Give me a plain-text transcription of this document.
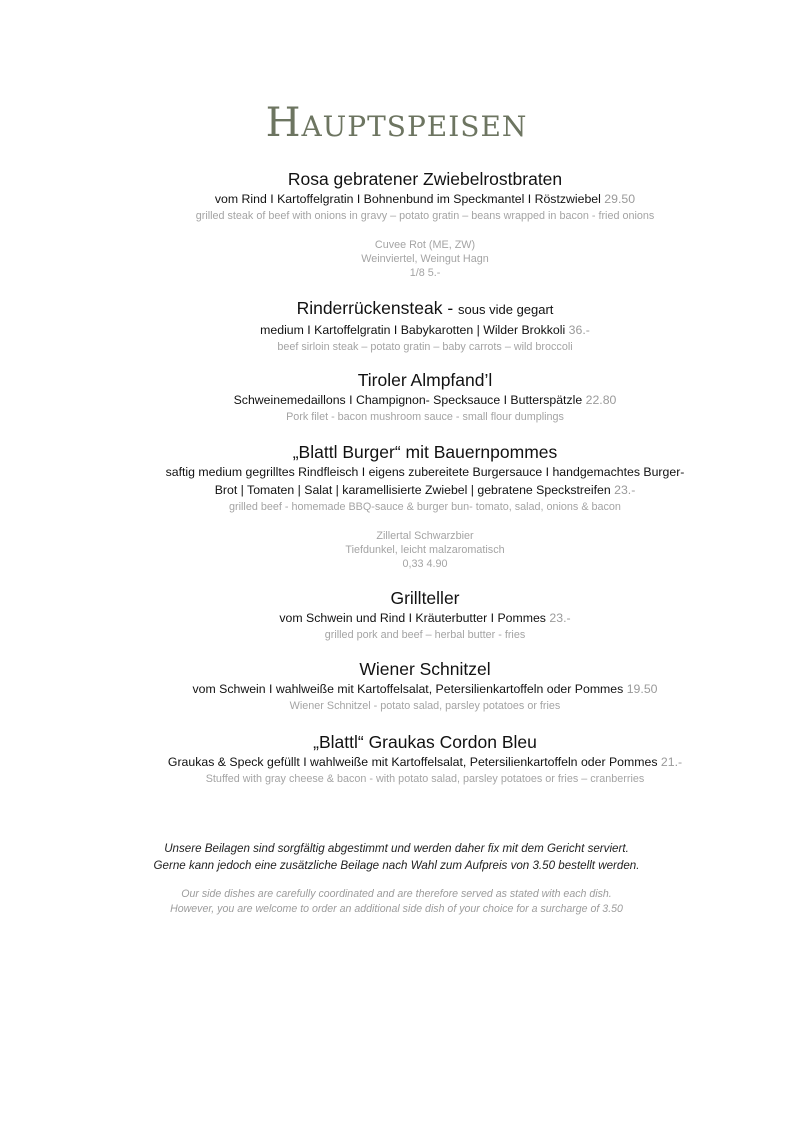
Hauptspeisen
Rosa gebratener Zwiebelrostbraten
vom Rind I Kartoffelgratin I Bohnenbund im Speckmantel I Röstzwiebel 29.50
grilled steak of beef with onions in gravy – potato gratin – beans wrapped in bacon - fried onions
Cuvee Rot (ME, ZW)
Weinviertel, Weingut Hagn
1/8 5.-
Rinderrückensteak - sous vide gegart
medium I Kartoffelgratin I Babykarotten | Wilder Brokkoli 36.-
beef sirloin steak – potato gratin – baby carrots – wild broccoli
Tiroler Almpfand’l
Schweinemedaillons I Champignon- Specksauce I Butterspätzle 22.80
Pork filet - bacon mushroom sauce - small flour dumplings
„Blattl Burger“ mit Bauernpommes
saftig medium gegrilltes Rindfleisch I eigens zubereitete Burgersauce I handgemachtes Burger-
Brot | Tomaten | Salat | karamellisierte Zwiebel | gebratene Speckstreifen 23.-
grilled beef - homemade BBQ-sauce & burger bun- tomato, salad, onions & bacon
Zillertal Schwarzbier
Tiefdunkel, leicht malzaromatisch
0,33 4.90
Grillteller
vom Schwein und Rind I Kräuterbutter I Pommes 23.-
grilled pork and beef – herbal butter - fries
Wiener Schnitzel
vom Schwein I wahlweiße mit Kartoffelsalat, Petersilienkartoffeln oder Pommes 19.50
Wiener Schnitzel - potato salad, parsley potatoes or fries
„Blattl“ Graukas Cordon Bleu
Graukas & Speck gefüllt I wahlweiße mit Kartoffelsalat, Petersilienkartoffeln oder Pommes 21.-
Stuffed with gray cheese & bacon - with potato salad, parsley potatoes or fries – cranberries
Unsere Beilagen sind sorgfältig abgestimmt und werden daher fix mit dem Gericht serviert.
Gerne kann jedoch eine zusätzliche Beilage nach Wahl zum Aufpreis von 3.50 bestellt werden.
Our side dishes are carefully coordinated and are therefore served as stated with each dish.
However, you are welcome to order an additional side dish of your choice for a surcharge of 3.50
